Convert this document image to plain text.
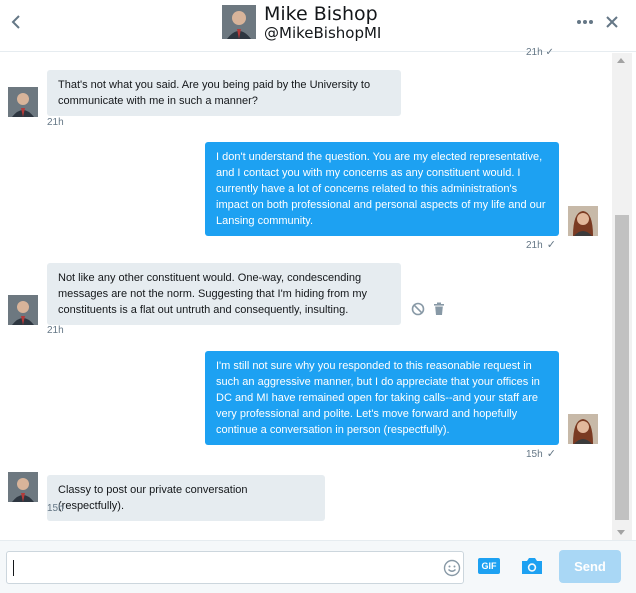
Mike Bishop
@MikeBishopMI
21h ✓
That's not what you said. Are you being paid by the University to communicate with me in such a manner?
21h
I don't understand the question. You are my elected representative, and I contact you with my concerns as any constituent would. I currently have a lot of concerns related to this administration's impact on both professional and personal aspects of my life and our Lansing community.
21h ✓
Not like any other constituent would. One-way, condescending messages are not the norm. Suggesting that I'm hiding from my constituents is a flat out untruth and consequently, insulting.
21h
I'm still not sure why you responded to this reasonable request in such an aggressive manner, but I do appreciate that your offices in DC and MI have remained open for taking calls--and your staff are very professional and polite. Let's move forward and hopefully continue a conversation in person (respectfully).
15h ✓
Classy to post our private conversation (respectfully).
15h
GIF	Send
